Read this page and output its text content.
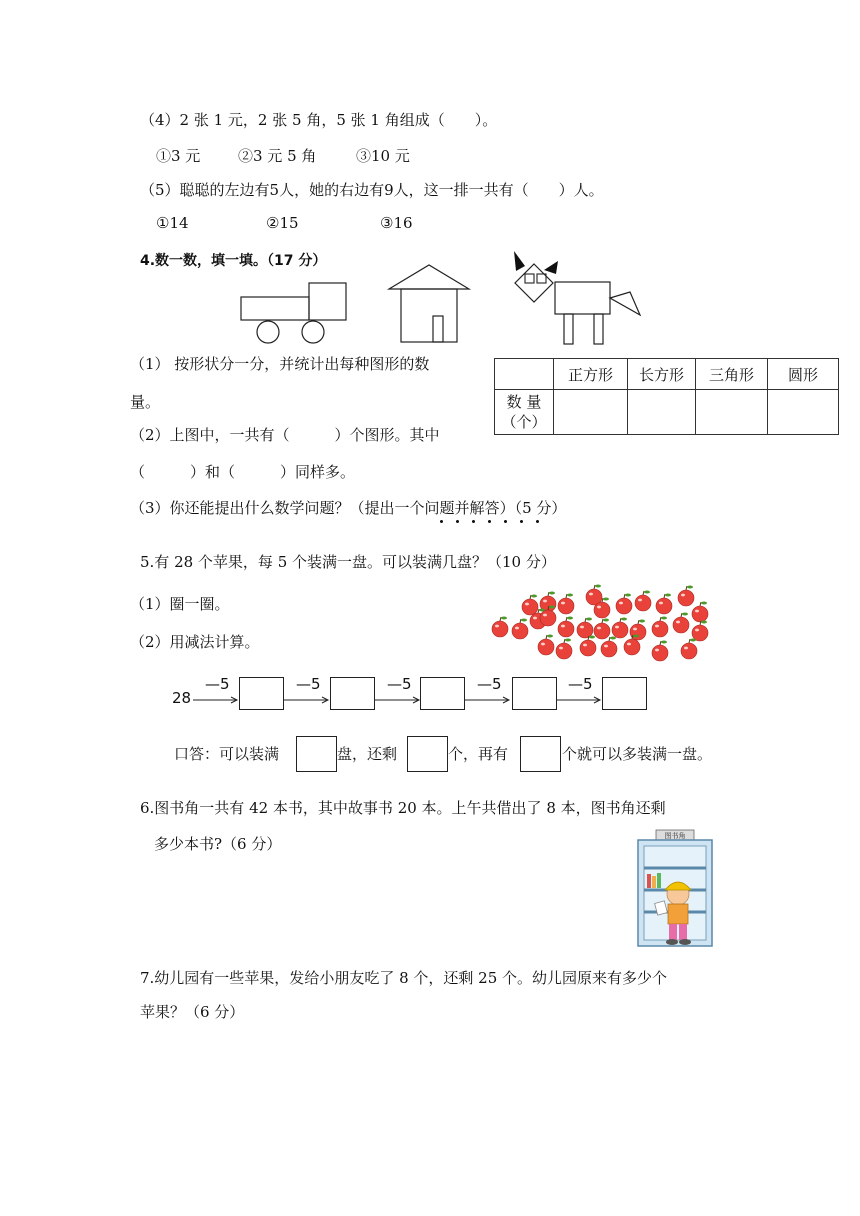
（4）2 张 1 元，2 张 5 角，5 张 1 角组成（　　）。
①3 元	②3 元 5 角	③10 元
（5）聪聪的左边有5人，她的右边有9人，这一排一共有（　　）人。
①14	②15	③16
4.数一数，填一填。（17 分）
（1） 按形状分一分，并统计出每种图形的数
量。
	正方形	长方形	三角形	圆形

数 量
（个）				

（2）上图中，一共有（　　　）个图形。其中
（　　　）和（　　　）同样多。
（3）你还能提出什么数学问题？（提出一个问题并解答）（5 分）
5.有 28 个苹果，每 5 个装满一盘。可以装满几盘？（10 分）
（1）圈一圈。
（2）用减法计算。
28
—5	—5	—5	—5	—5
口答：可以装满	盘，还剩	个，再有	个就可以多装满一盘。
6.图书角一共有 42 本书，其中故事书 20 本。上午共借出了 8 本，图书角还剩
多少本书?（6 分）	图书角
7.幼儿园有一些苹果，发给小朋友吃了 8 个，还剩 25 个。幼儿园原来有多少个
苹果？（6 分）
